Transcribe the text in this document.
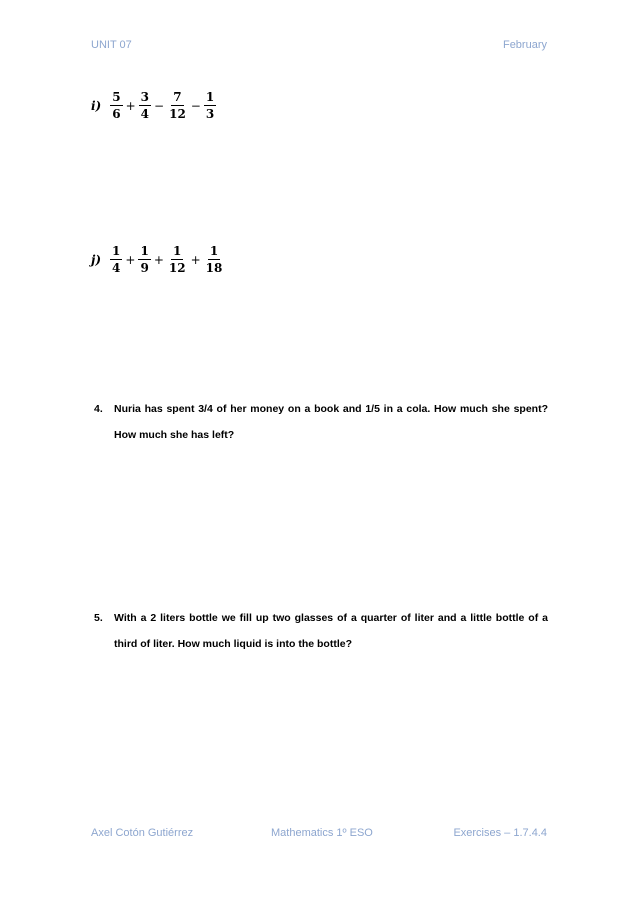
UNIT 07	February
$i) \frac{5}{6} + \frac{3}{4} - \frac{7}{12} - \frac{1}{3}$
$j) \frac{1}{4} + \frac{1}{9} + \frac{1}{12} + \frac{1}{18}$
4. Nuria has spent 3/4 of her money on a book and 1/5 in a cola. How much she spent? How much she has left?
5. With a 2 liters bottle we fill up two glasses of a quarter of liter and a little bottle of a third of liter. How much liquid is into the bottle?
Axel Cotón Gutiérrez	Mathematics 1º ESO	Exercises – 1.7.4.4
